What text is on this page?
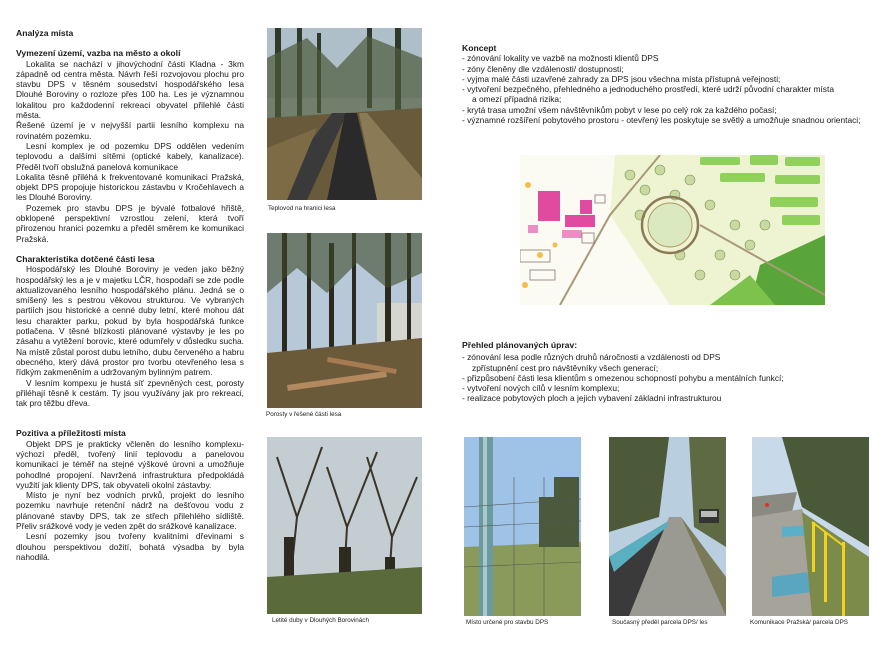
Analýza místa

Vymezení území, vazba na město a okolí

Lokalita se nachází v jihovýchodní části Kladna - 3km západně od centra města. Návrh řeší rozvojovou plochu pro stavbu DPS v těsném sousedství hospodářského lesa Dlouhé Boroviny o rozloze přes 100 ha. Les je významnou lokalitou pro každodenní rekreaci obyvatel přilehlé části města.

Řešené území je v nejvyšší partii lesního komplexu na rovinatém pozemku.

Lesní komplex je od pozemku DPS oddělen vedením teplovodu a dalšími sítěmi (optické kabely, kanalizace). Předěl tvoří obslužná panelová komunikace

Lokalita těsně přiléhá k frekventované komunikaci Pražská, objekt DPS propojuje historickou zástavbu v Kročehlavech a les Dlouhé Boroviny.

Pozemek pro stavbu DPS je bývalé fotbalové hřiště, obklopené perspektivní vzrostlou zelení, která tvoří přirozenou hranici pozemku a předěl směrem ke komunikaci Pražská.

Charakteristika dotčené části lesa

Hospodářský les Dlouhé Boroviny je veden jako běžný hospodářský les a je v majetku LČR, hospodaří se zde podle aktualizovaného lesního hospodářského plánu. Jedná se o smíšený les s pestrou věkovou strukturou. Ve vybraných partiích jsou historické a cenné duby letní, které mohou dát lesu charakter parku, pokud by byla hospodářská funkce potlačena. V těsné blízkosti plánované výstavby je les po zásahu a vytěžení borovic, které odumřely v důsledku sucha. Na místě zůstal porost dubu letního, dubu červeného a habru obecného, který dává prostor pro tvorbu otevřeného lesa s řídkým zakmeněním a udržovaným bylinným patrem.

V lesním kompexu je hustá síť zpevněných cest, porosty přiléhají těsně k cestám. Ty jsou využívány jak pro rekreaci, tak pro těžbu dřeva.

Pozitiva a příležitosti místa

Objekt DPS je prakticky včleněn do lesního komplexu-výchozí předěl, tvořený linií teplovodu a panelovou komunikací je téměř na stejné výškové úrovni a umožňuje pohodlné propojení. Navržená infrastruktura předpokládá využití jak klienty DPS, tak obyvateli okolní zástavby.

Místo je nyní bez vodních prvků, projekt do lesního pozemku navrhuje retenční nádrž na dešťovou vodu z plánované stavby DPS, tak ze střech přilehlého sídliště. Přeliv srážkové vody je veden zpět do srážkové kanalizace.

Lesní pozemky jsou tvořeny kvalitními dřevinami s dlouhou perspektivou dožití, bohatá výsadba by byla nahodilá.

Teplovod na hranici lesa
Porosty v řešené části lesa
Letité duby v Dlouhých Borovinách

Koncept

- zónování lokality ve vazbě na možnosti klientů DPS

- zóny členěny dle vzdálenosti/ dostupnosti;

- vyjma malé části uzavřené zahrady za DPS jsou všechna místa přístupná veřejnosti;

- vytvoření bezpečného, přehledného a jednoduchého prostředí, které udrží původní charakter místa

a omezí případná rizika;

- krytá trasa umožní všem návštěvníkům pobyt v lese po celý rok za každého počasí;

- významné rozšíření pobytového prostoru - otevřený les poskytuje se světlý a umožňuje snadnou orientaci;

Přehled plánovaných úprav:

- zónování lesa podle různých druhů náročnosti a vzdálenosti od DPS

zpřístupnění cest pro návštěvníky všech generací;

- přizpůsobení části lesa klientům s omezenou schopností pohybu a mentálních funkcí;

- vytvoření nových cílů v lesním komplexu;

- realizace pobytových ploch a jejich vybavení základní infrastrukturou

Místo určené pro stavbu DPS	Současný předěl parcela DPS/ les	Komunikace Pražská/ parcela DPS
